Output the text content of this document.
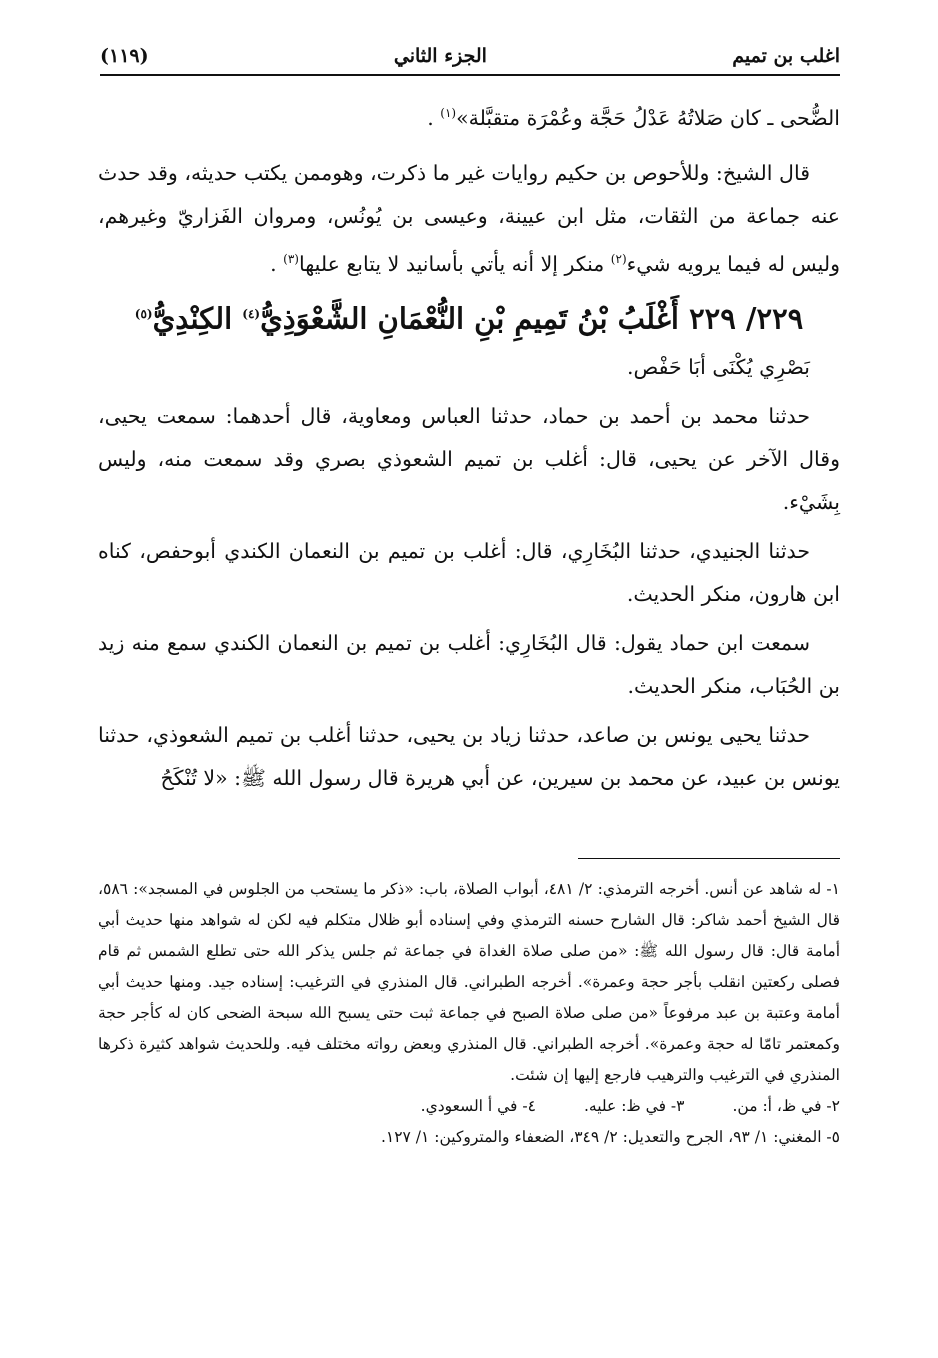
اغلب بن تميم
الجزء الثاني
(١١٩)

الضُّحى ـ كان صَلاتُهُ عَدْلُ حَجَّة وعُمْرَة متقبَّلة»$^{(١)}$ .

قال الشيخ: وللأحوص بن حكيم روايات غير ما ذكرت، وهوممن يكتب حديثه، وقد حدث عنه جماعة من الثقات، مثل ابن عيينة، وعيسى بن يُونُس، ومروان الفَزاريّ وغيرهم، وليس له فيما يرويه شيء$^{(٢)}$ منكر إلا أنه يأتي بأسانيد لا يتابع عليها$^{(٣)}$ .

٢٢٩/ ٢٢٩ أَغْلَبُ بْنُ تَمِيمِ بْنِ النُّعْمَانِ الشَّعْوَذِيُّ$^{(٤)}$ الكِنْدِيُّ$^{(٥)}$

بَصْرِي يُكْنَى أبَا حَفْص.

حدثنا محمد بن أحمد بن حماد، حدثنا العباس ومعاوية، قال أحدهما: سمعت يحيى، وقال الآخر عن يحيى، قال: أغلب بن تميم الشعوذي بصري وقد سمعت منه، وليس بِشَيْء.

حدثنا الجنيدي، حدثنا البُخَارِي، قال: أغلب بن تميم بن النعمان الكندي أبوحفص، كناه ابن هارون، منكر الحديث.

سمعت ابن حماد يقول: قال البُخَارِي: أغلب بن تميم بن النعمان الكندي سمع منه زيد بن الحُبَاب، منكر الحديث.

حدثنا يحيى يونس بن صاعد، حدثنا زياد بن يحيى، حدثنا أغلب بن تميم الشعوذي، حدثنا يونس بن عبيد، عن محمد بن سيرين، عن أبي هريرة قال رسول الله ﷺ: «لا تُنْكَحُ

١- له شاهد عن أنس. أخرجه الترمذي: ٢/ ٤٨١، أبواب الصلاة، باب: «ذكر ما يستحب من الجلوس في المسجد»: ٥٨٦، قال الشيخ أحمد شاكر: قال الشارح حسنه الترمذي وفي إسناده أبو ظلال متكلم فيه لكن له شواهد منها حديث أبي أمامة قال: قال رسول الله ﷺ: «من صلى صلاة الغداة في جماعة ثم جلس يذكر الله حتى تطلع الشمس ثم قام فصلى ركعتين انقلب بأجر حجة وعمرة». أخرجه الطبراني. قال المنذري في الترغيب: إسناده جيد. ومنها حديث أبي أمامة وعتبة بن عبد مرفوعاً «من صلى صلاة الصبح في جماعة ثبت حتى يسبح الله سبحة الضحى كان له كأجر حجة وكمعتمر تامّا له حجة وعمرة». أخرجه الطبراني. قال المنذري وبعض رواته مختلف فيه. وللحديث شواهد كثيرة ذكرها المنذري في الترغيب والترهيب فارجع إليها إن شئت.

٢- في ظ، أ: من.
٣- في ظ: عليه.
٤- في أ السعودي.

٥- المغني: ١/ ٩٣، الجرح والتعديل: ٢/ ٣٤٩، الضعفاء والمتروكين: ١/ ١٢٧.
